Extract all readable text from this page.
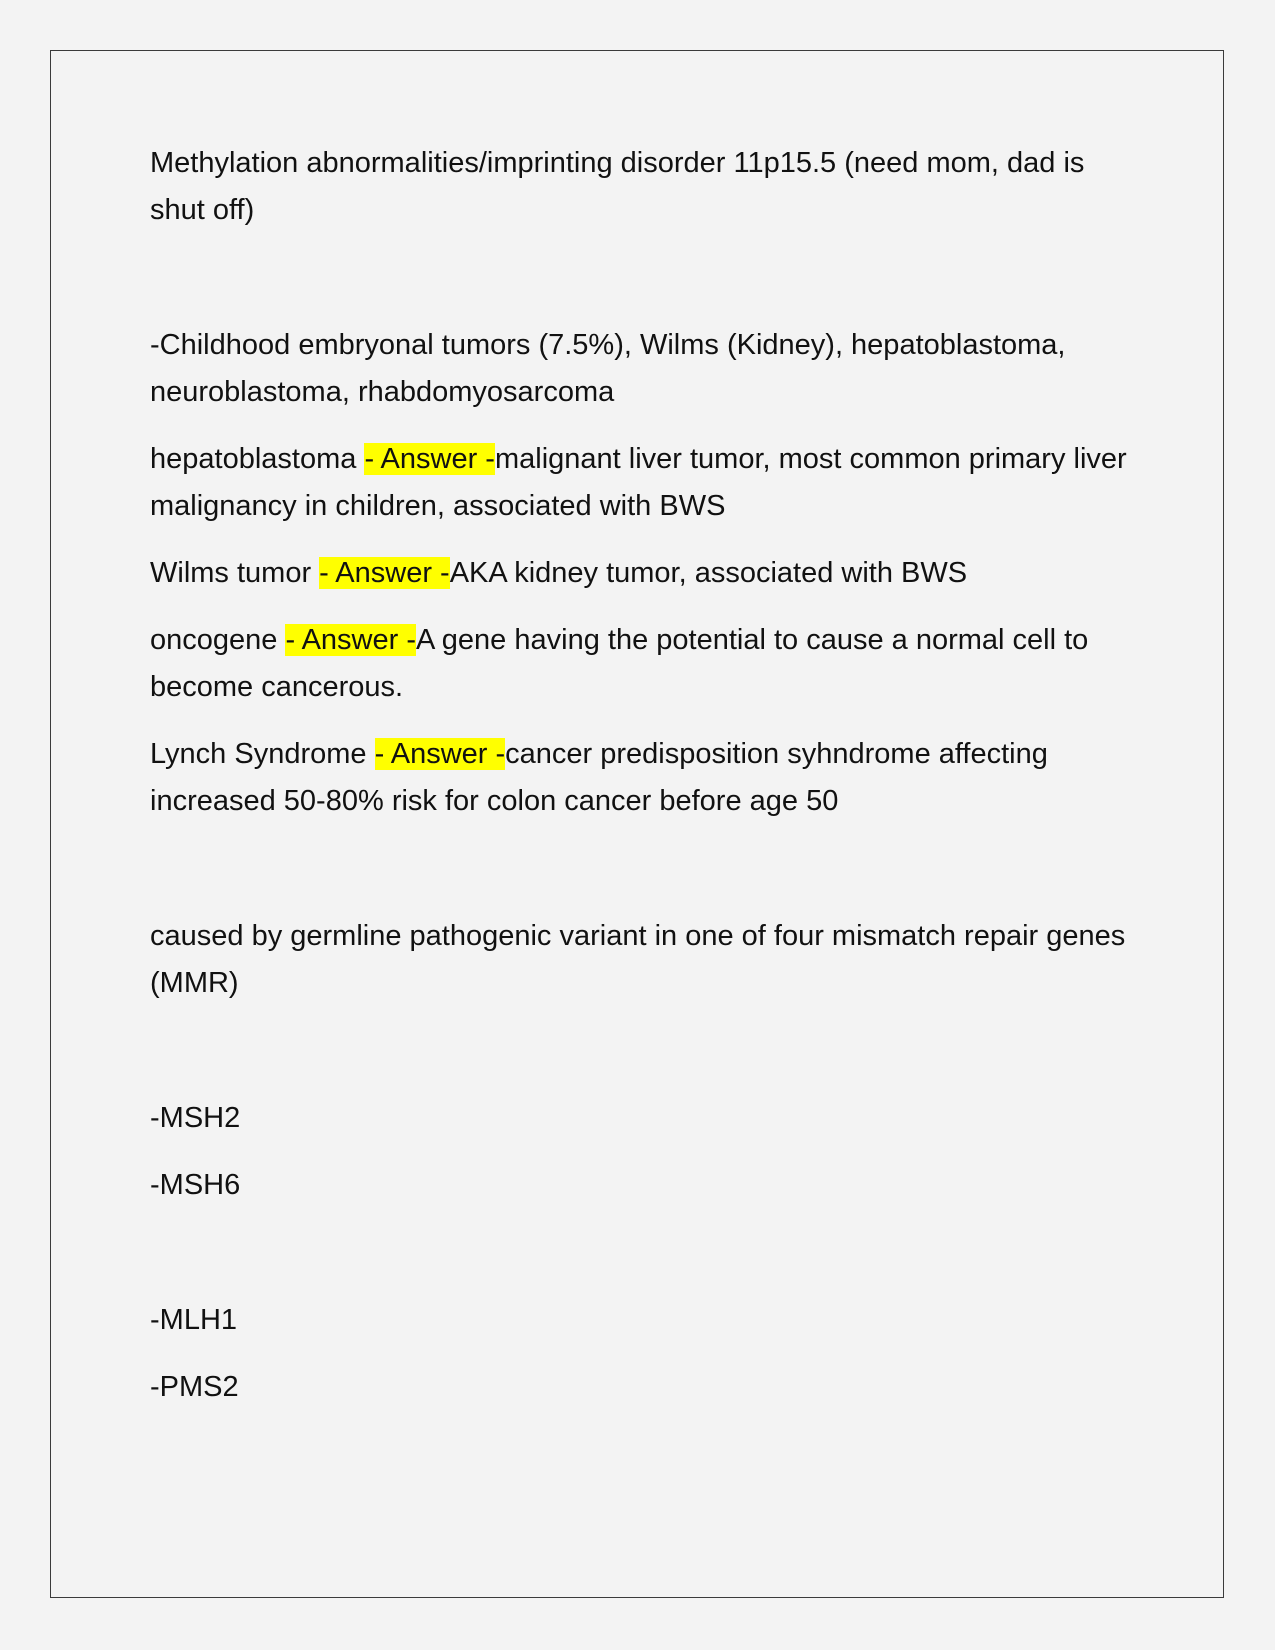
Methylation abnormalities/imprinting disorder 11p15.5 (need mom, dad is shut off)

-Childhood embryonal tumors (7.5%), Wilms (Kidney), hepatoblastoma, neuroblastoma, rhabdomyosarcoma

hepatoblastoma - Answer -malignant liver tumor, most common primary liver malignancy in children, associated with BWS

Wilms tumor - Answer -AKA kidney tumor, associated with BWS

oncogene - Answer -A gene having the potential to cause a normal cell to become cancerous.

Lynch Syndrome - Answer -cancer predisposition syhndrome affecting increased 50-80% risk for colon cancer before age 50

caused by germline pathogenic variant in one of four mismatch repair genes (MMR)

-MSH2

-MSH6

-MLH1

-PMS2
